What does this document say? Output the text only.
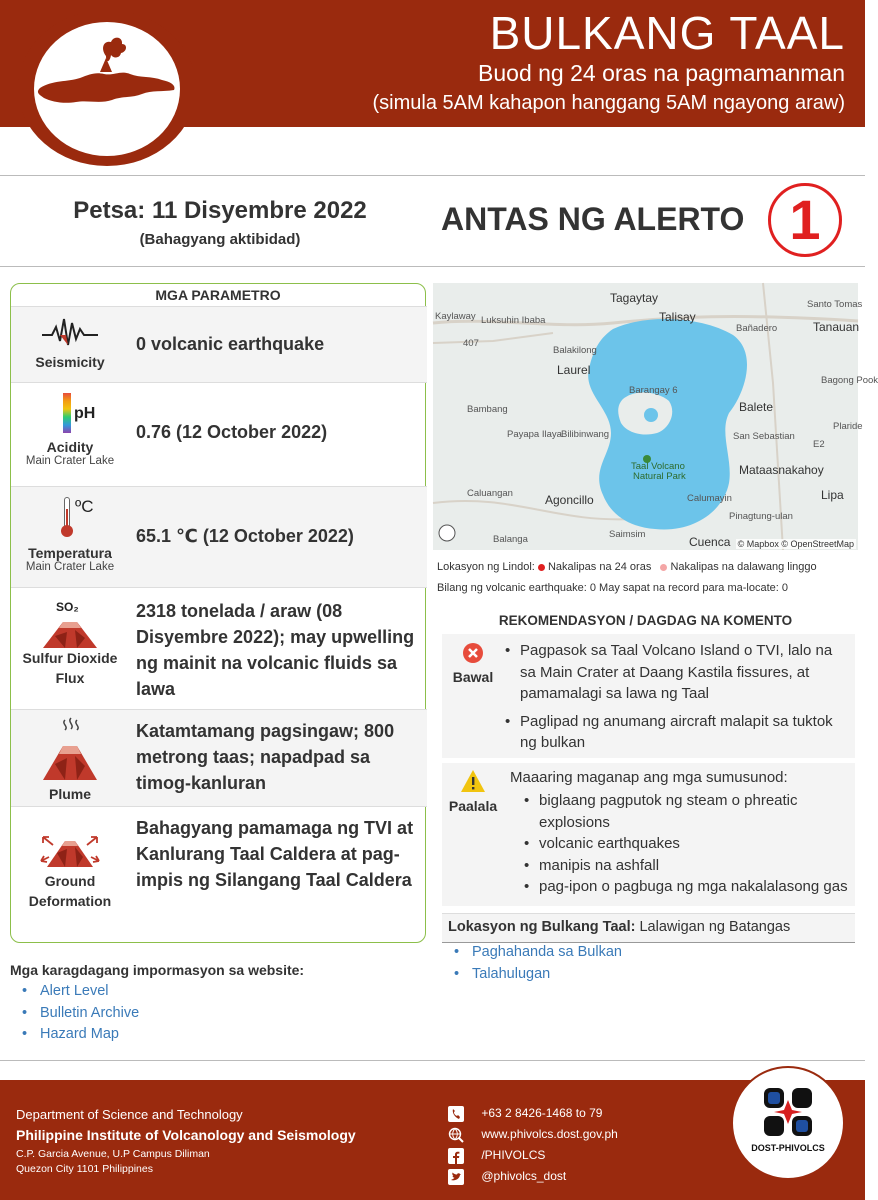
BULKANG TAAL
Buod ng 24 oras na pagmamanman
(simula 5AM kahapon hanggang 5AM ngayong araw)
Petsa: 11 Disyembre 2022
(Bahagyang aktibidad)
ANTAS NG ALERTO 1
MGA PARAMETRO
Seismicity
0 volcanic earthquake
pH
Acidity
Main Crater Lake
0.76 (12 October 2022)
ºC
Temperatura
Main Crater Lake
65.1 ℃ (12 October 2022)
SO₂
Sulfur Dioxide
Flux
2318 tonelada / araw (08 Disyembre 2022); may upwelling ng mainit na volcanic fluids sa lawa
Plume
Katamtamang pagsingaw; 800 metrong taas; napadpad sa timog-kanluran
Ground
Deformation
Bahagyang pamamaga ng TVI at Kanlurang Taal Caldera at pag-impis ng Silangang Taal Caldera
Mga karagdagang impormasyon sa website:
• Alert Level
• Bulletin Archive
• Hazard Map
Tagaytay
Talisay
Santo Tomas
Tanauan
Kaylaway Luksuhin Ibaba
Bañadero
Balakilong
Laurel
Barangay 6
Bagong Pook
Bambang	Balete
Payapa Ilaya Bilibinwang	San Sebastian
Plaride
Taal Volcano
Natural Park	Mataasnakahoy
Caluangan	Agoncillo	Calumayin	Lipa
Pinagtung-ulan
Balanga	Saimsim
Cuenca
407
E2
© Mapbox © OpenStreetMap
Lokasyon ng Lindol: Nakalipas na 24 oras Nakalipas na dalawang linggo
Bilang ng volcanic earthquake: 0 May sapat na record para ma-locate: 0
REKOMENDASYON / DAGDAG NA KOMENTO
Bawal
• Pagpasok sa Taal Volcano Island o TVI, lalo na sa Main Crater at Daang Kastila fissures, at pamamalagi sa lawa ng Taal
• Paglipad ng anumang aircraft malapit sa tuktok ng bulkan
Paalala
Maaaring maganap ang mga sumusunod:
• biglaang pagputok ng steam o phreatic explosions
• volcanic earthquakes
• manipis na ashfall
• pag-ipon o pagbuga ng mga nakalalasong gas
Lokasyon ng Bulkang Taal: Lalawigan ng Batangas
• Paghahanda sa Bulkan
• Talahulugan
Department of Science and Technology
Philippine Institute of Volcanology and Seismology
C.P. Garcia Avenue, U.P Campus Diliman
Quezon City 1101 Philippines
+63 2 8426-1468 to 79
www.phivolcs.dost.gov.ph
/PHIVOLCS
@phivolcs_dost
DOST-PHIVOLCS
